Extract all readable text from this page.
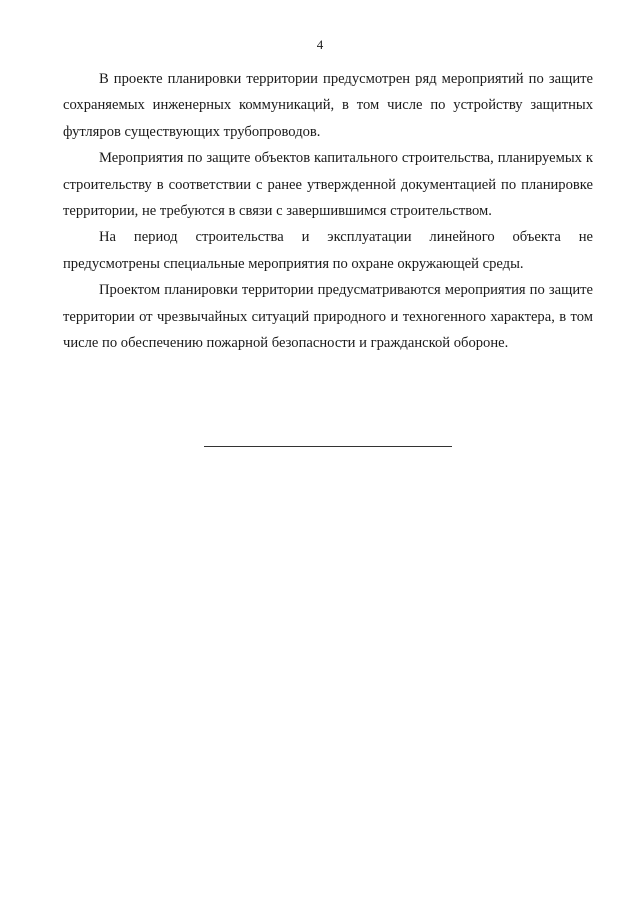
4

В проекте планировки территории предусмотрен ряд мероприятий по защите сохраняемых инженерных коммуникаций, в том числе по устройству защитных футляров существующих трубопроводов.

Мероприятия по защите объектов капитального строительства, планируемых к строительству в соответствии с ранее утвержденной документацией по планировке территории, не требуются в связи с завершившимся строительством.

На период строительства и эксплуатации линейного объекта не предусмотрены специальные мероприятия по охране окружающей среды.

Проектом планировки территории предусматриваются мероприятия по защите территории от чрезвычайных ситуаций природного и техногенного характера, в том числе по обеспечению пожарной безопасности и гражданской обороне.
